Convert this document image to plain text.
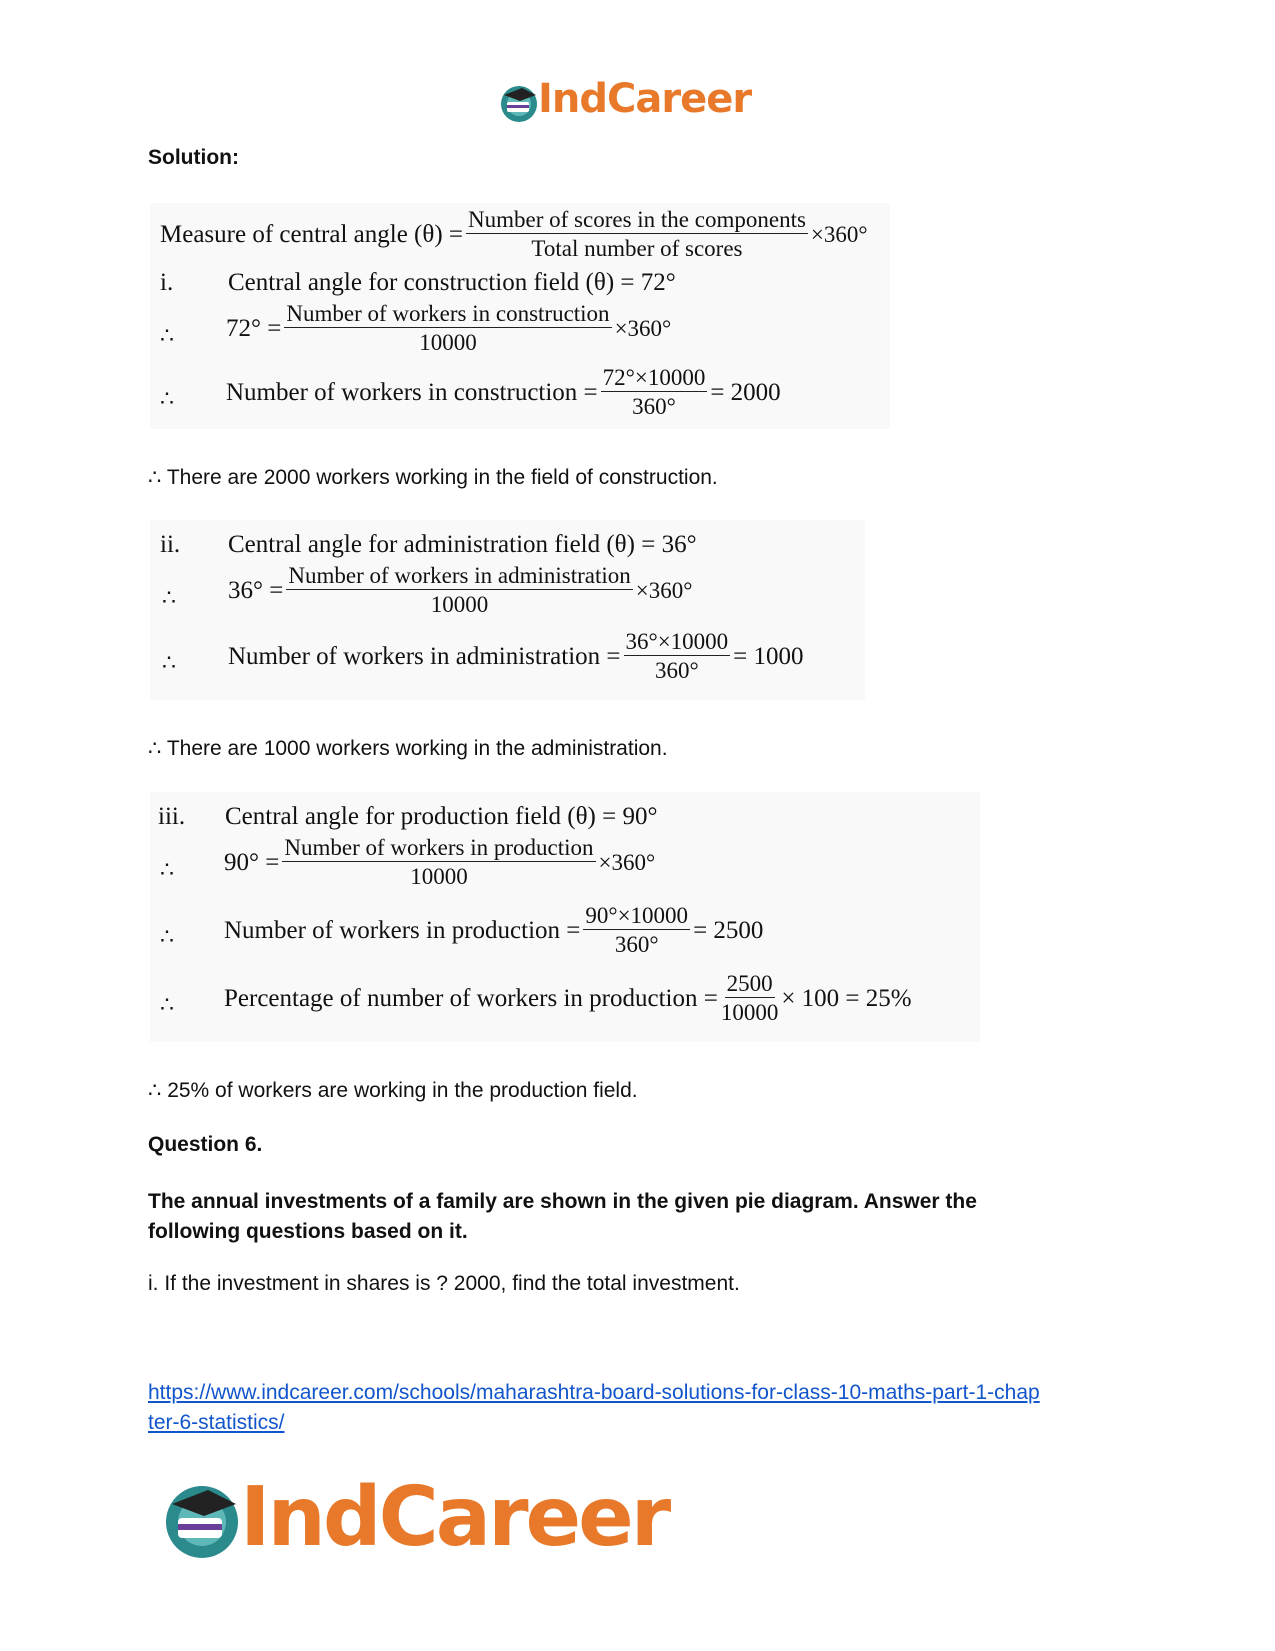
IndCareer
Solution:
Measure of central angle $(\theta) = \frac{\text{Number of scores in the components}}{\text{Total number of scores}} \times 360^\circ$
i. Central angle for construction field (θ) = 72°
∴ $72^\circ = \frac{\text{Number of workers in construction}}{10000} \times 360^\circ$
∴ Number of workers in construction = $\frac{72^\circ\times 10000}{360^\circ} = 2000$
∴ There are 2000 workers working in the field of construction.
ii. Central angle for administration field (θ) = 36°
∴ $36^\circ = \frac{\text{Number of workers in administration}}{10000} \times 360^\circ$
∴ Number of workers in administration = $\frac{36^\circ\times 10000}{360^\circ} = 1000$
∴ There are 1000 workers working in the administration.
iii. Central angle for production field (θ) = 90°
∴ $90^\circ = \frac{\text{Number of workers in production}}{10000} \times 360^\circ$
∴ Number of workers in production = $\frac{90^\circ\times 10000}{360^\circ} = 2500$
∴ Percentage of number of workers in production = $\frac{2500}{10000} \times 100 = 25\%$
∴ 25% of workers are working in the production field.
Question 6.
The annual investments of a family are shown in the given pie diagram. Answer the
following questions based on it.
i. If the investment in shares is ? 2000, find the total investment.
https://www.indcareer.com/schools/maharashtra-board-solutions-for-class-10-maths-part-1-chap
ter-6-statistics/
IndCareer
